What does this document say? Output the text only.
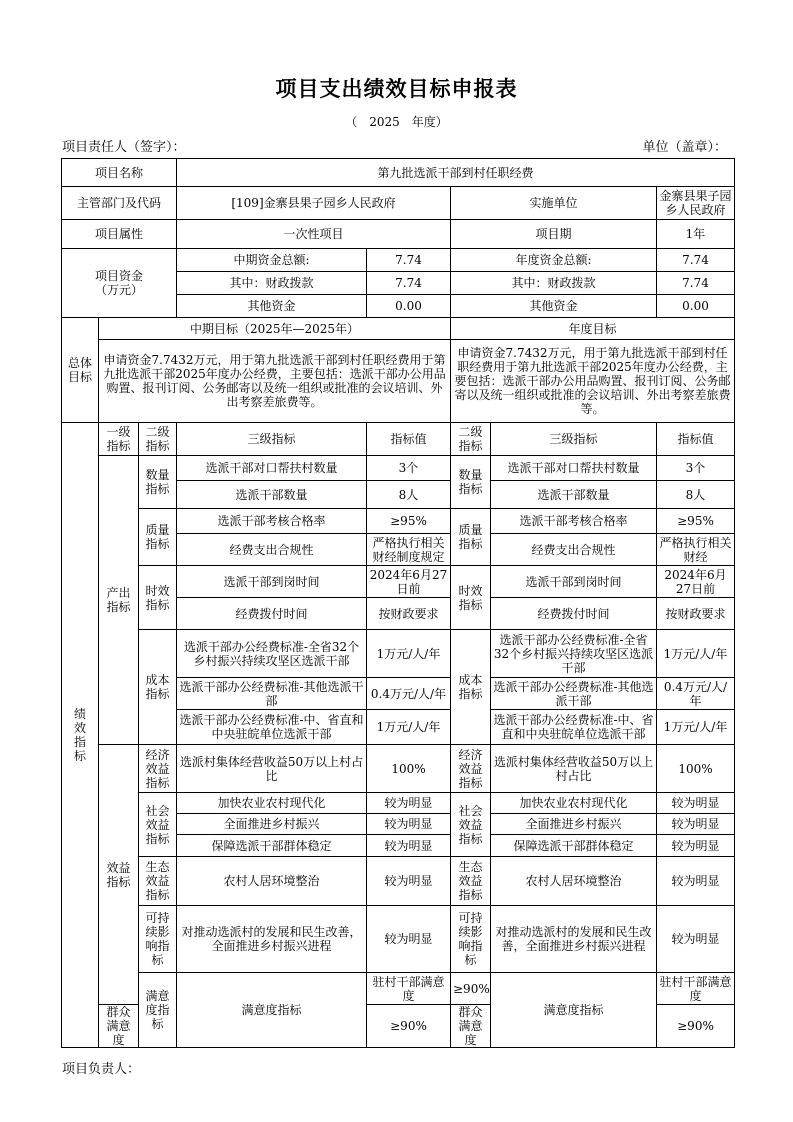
项目支出绩效目标申报表
（　2025　年度）
项目责任人（签字）：	单位（盖章）：
项目名称			第九批选派干部到村任职经费					
主管部门及代码			[109]金寨县果子园乡人民政府		实施单位		金寨县果子园乡人民政府	
项目属性			一次性项目		项目期		1年	
项目资金（万元）			中期资金总额:	7.74	年度资金总额:		7.74	
			其中：财政拨款	7.74	其中：财政拨款		7.74	
			其他资金	0.00	其他资金		0.00	
总体目标	中期目标（2025年—2025年）				年度目标			
	申请资金7.7432万元，用于第九批选派干部到村任职经费用于第九批选派干部2025年度办公经费，主要包括：选派干部办公用品购置、报刊订阅、公务邮寄以及统一组织或批准的会议培训、外出考察差旅费等。				申请资金7.7432万元，用于第九批选派干部到村任职经费用于第九批选派干部2025年度办公经费，主要包括：选派干部办公用品购置、报刊订阅、公务邮寄以及统一组织或批准的会议培训、外出考察差旅费等。			
绩效指标	一级指标	二级指标	三级指标	指标值	二级指标	三级指标	指标值	
	产出指标	数量指标	选派干部对口帮扶村数量	3个	数量指标	选派干部对口帮扶村数量	3个	
			选派干部数量	8人		选派干部数量	8人	
		质量指标	选派干部考核合格率	≥95%	质量指标	选派干部考核合格率	≥95%	
			经费支出合规性	严格执行相关财经制度规定		经费支出合规性	严格执行相关财经	
		时效指标	选派干部到岗时间	2024年6月27日前	时效指标	选派干部到岗时间	2024年6月27日前	
			经费拨付时间	按财政要求		经费拨付时间	按财政要求	
		成本指标	选派干部办公经费标准-全省32个乡村振兴持续攻坚区选派干部	1万元/人/年	成本指标	选派干部办公经费标准-全省32个乡村振兴持续攻坚区选派干部	1万元/人/年	
			选派干部办公经费标准-其他选派干部	0.4万元/人/年		选派干部办公经费标准-其他选派干部	0.4万元/人/年	
			选派干部办公经费标准-中、省直和中央驻皖单位选派干部	1万元/人/年		选派干部办公经费标准-中、省直和中央驻皖单位选派干部	1万元/人/年	
	效益指标	经济效益指标	选派村集体经营收益50万以上村占比	100%	经济效益指标	选派村集体经营收益50万以上村占比	100%	
		社会效益指标	加快农业农村现代化	较为明显	社会效益指标	加快农业农村现代化	较为明显	
			全面推进乡村振兴	较为明显		全面推进乡村振兴	较为明显	
			保障选派干部群体稳定	较为明显		保障选派干部群体稳定	较为明显	
		生态效益指标	农村人居环境整治	较为明显	生态效益指标	农村人居环境整治	较为明显	
		可持续影响指标	对推动选派村的发展和民生改善，全面推进乡村振兴进程	较为明显	可持续影响指标	对推动选派村的发展和民生改善，全面推进乡村振兴进程	较为明显	
		满意度指标	满意度指标	驻村干部满意度	≥90%	满意度指标	驻村干部满意度	
	群众满意度			≥90%	群众满意度		≥90%	
项目负责人：
